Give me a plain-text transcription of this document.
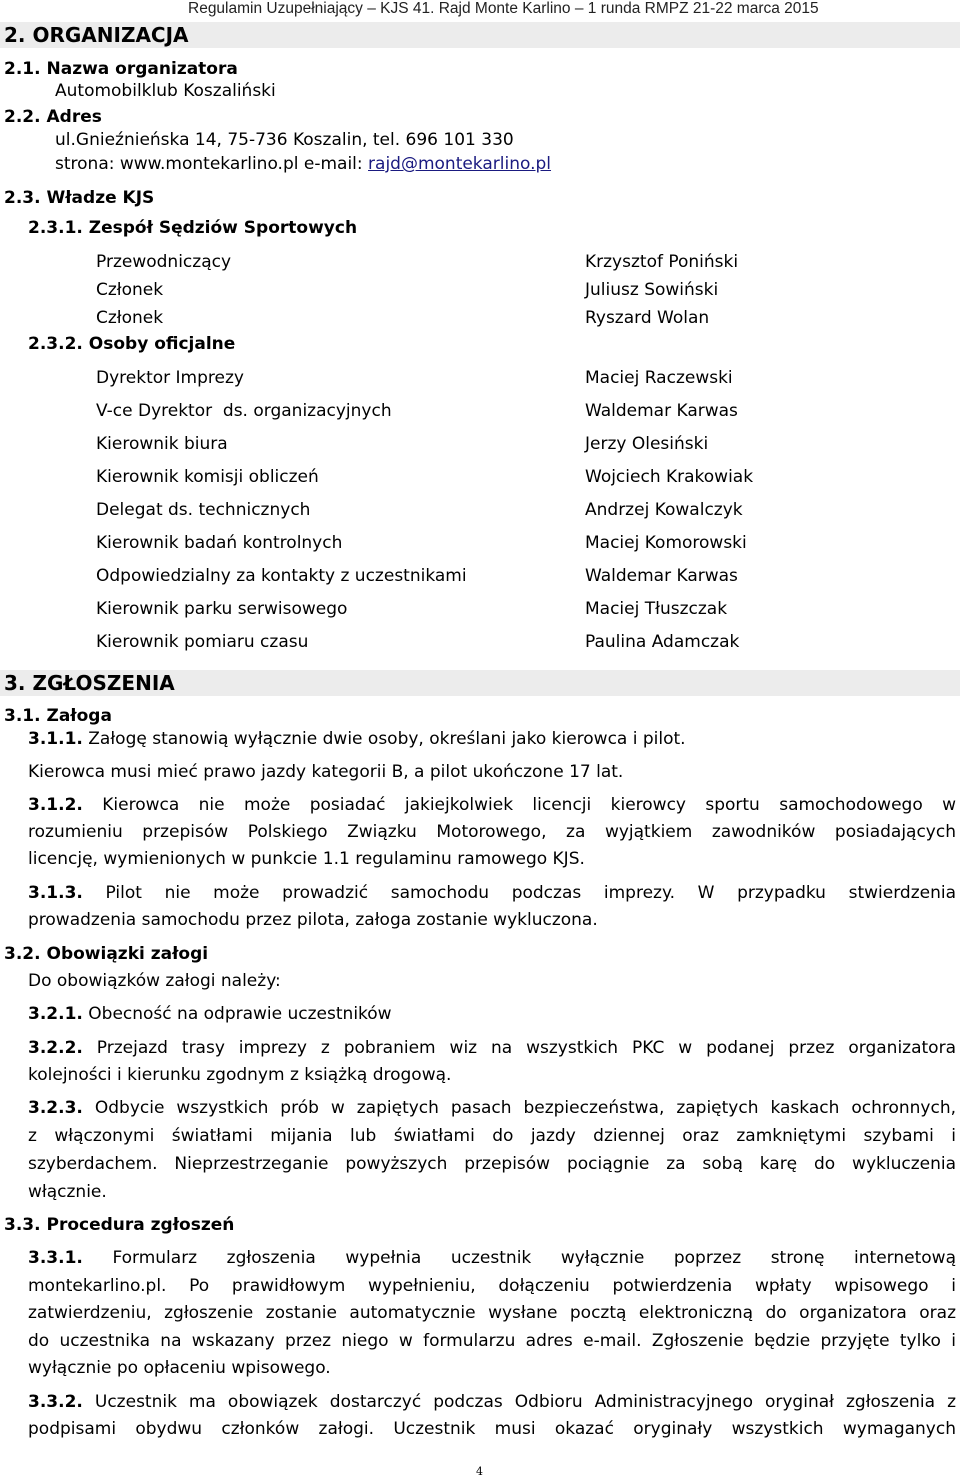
Regulamin Uzupełniający – KJS 41. Rajd Monte Karlino – 1 runda RMPZ 21-22 marca 2015
2. ORGANIZACJA
2.1. Nazwa organizatora
Automobilklub Koszaliński
2.2. Adres
ul.Gnieźnieńska 14, 75-736 Koszalin, tel. 696 101 330
strona: www.montekarlino.pl e-mail: rajd@montekarlino.pl
2.3. Władze KJS
2.3.1. Zespół Sędziów Sportowych
Przewodniczący	Krzysztof Poniński
Członek	Juliusz Sowiński
Członek	Ryszard Wolan
2.3.2. Osoby oficjalne
Dyrektor Imprezy	Maciej Raczewski
V-ce Dyrektor  ds. organizacyjnych	Waldemar Karwas
Kierownik biura	Jerzy Olesiński
Kierownik komisji obliczeń	Wojciech Krakowiak
Delegat ds. technicznych	Andrzej Kowalczyk
Kierownik badań kontrolnych	Maciej Komorowski
Odpowiedzialny za kontakty z uczestnikami	Waldemar Karwas
Kierownik parku serwisowego	Maciej Tłuszczak
Kierownik pomiaru czasu	Paulina Adamczak
3. ZGŁOSZENIA
3.1. Załoga
3.1.1. Załogę stanowią wyłącznie dwie osoby, określani jako kierowca i pilot.
Kierowca musi mieć prawo jazdy kategorii B, a pilot ukończone 17 lat.
3.1.2. Kierowca nie może posiadać jakiejkolwiek licencji kierowcy sportu samochodowego w
rozumieniu przepisów Polskiego Związku Motorowego, za wyjątkiem zawodników posiadających
licencję, wymienionych w punkcie 1.1 regulaminu ramowego KJS.
3.1.3. Pilot nie może prowadzić samochodu podczas imprezy. W przypadku stwierdzenia
prowadzenia samochodu przez pilota, załoga zostanie wykluczona.
3.2. Obowiązki załogi
Do obowiązków załogi należy:
3.2.1. Obecność na odprawie uczestników
3.2.2. Przejazd trasy imprezy z pobraniem wiz na wszystkich PKC w podanej przez organizatora
kolejności i kierunku zgodnym z książką drogową.
3.2.3. Odbycie wszystkich prób w zapiętych pasach bezpieczeństwa, zapiętych kaskach ochronnych,
z włączonymi światłami mijania lub światłami do jazdy dziennej oraz zamkniętymi szybami i
szyberdachem. Nieprzestrzeganie powyższych przepisów pociągnie za sobą karę do wykluczenia
włącznie.
3.3. Procedura zgłoszeń
3.3.1. Formularz zgłoszenia wypełnia uczestnik wyłącznie poprzez stronę internetową
montekarlino.pl. Po prawidłowym wypełnieniu, dołączeniu potwierdzenia wpłaty wpisowego i
zatwierdzeniu, zgłoszenie zostanie automatycznie wysłane pocztą elektroniczną do organizatora oraz
do uczestnika na wskazany przez niego w formularzu adres e-mail. Zgłoszenie będzie przyjęte tylko i
wyłącznie po opłaceniu wpisowego.
3.3.2. Uczestnik ma obowiązek dostarczyć podczas Odbioru Administracyjnego oryginał zgłoszenia z
podpisami obydwu członków załogi. Uczestnik musi okazać oryginały wszystkich wymaganych
4
